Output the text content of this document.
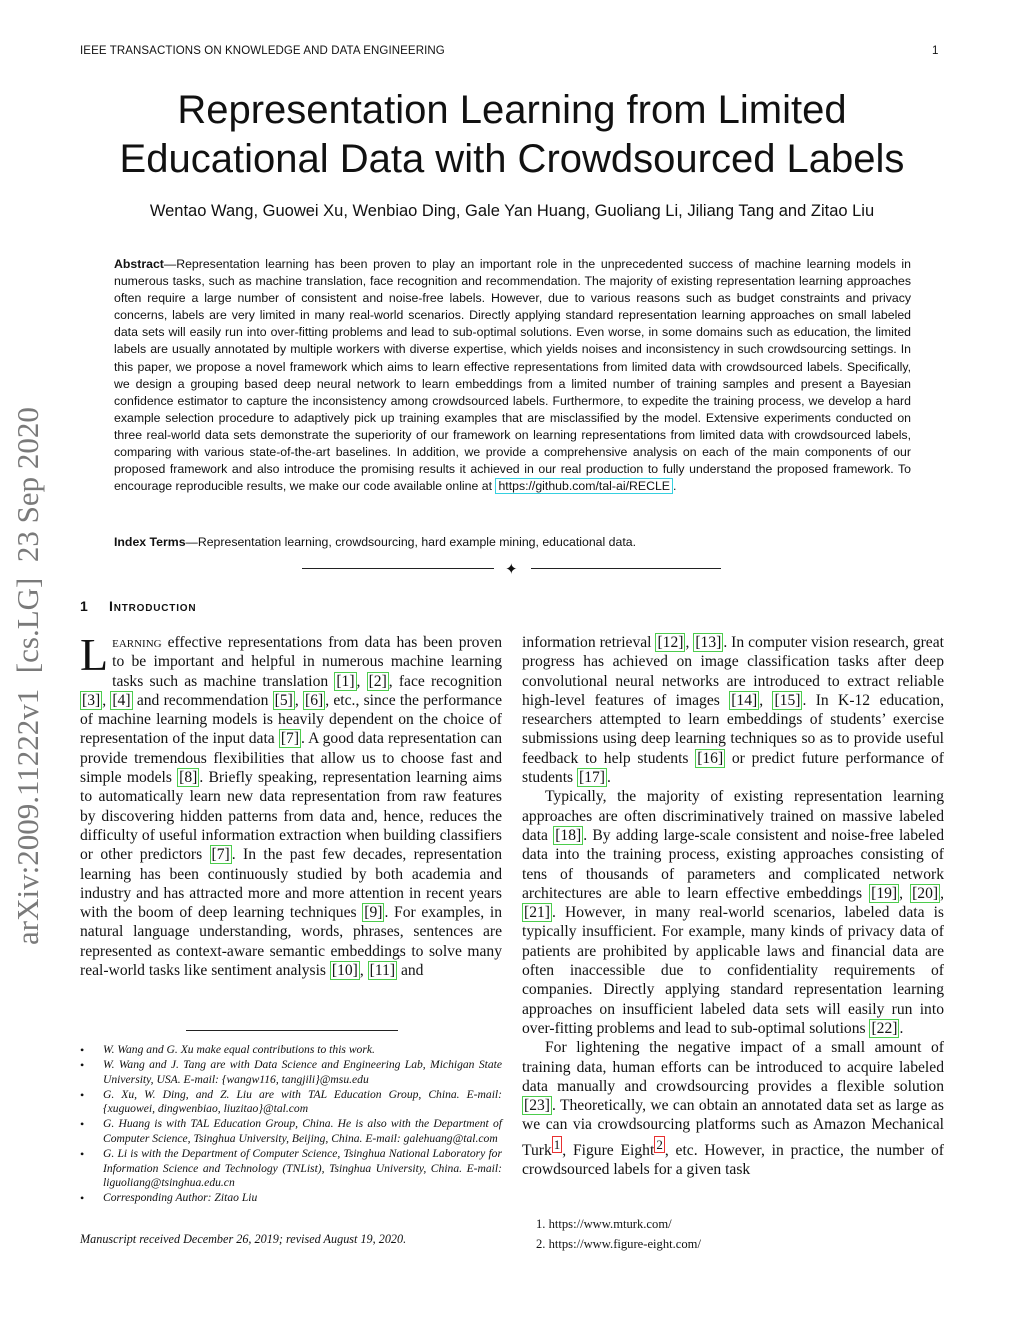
IEEE TRANSACTIONS ON KNOWLEDGE AND DATA ENGINEERING	1
Representation Learning from Limited
Educational Data with Crowdsourced Labels
Wentao Wang, Guowei Xu, Wenbiao Ding, Gale Yan Huang, Guoliang Li, Jiliang Tang and Zitao Liu
Abstract—Representation learning has been proven to play an important role in the unprecedented success of machine learning models in numerous tasks, such as machine translation, face recognition and recommendation. The majority of existing representation learning approaches often require a large number of consistent and noise-free labels. However, due to various reasons such as budget constraints and privacy concerns, labels are very limited in many real-world scenarios. Directly applying standard representation learning approaches on small labeled data sets will easily run into over-fitting problems and lead to sub-optimal solutions. Even worse, in some domains such as education, the limited labels are usually annotated by multiple workers with diverse expertise, which yields noises and inconsistency in such crowdsourcing settings. In this paper, we propose a novel framework which aims to learn effective representations from limited data with crowdsourced labels. Specifically, we design a grouping based deep neural network to learn embeddings from a limited number of training samples and present a Bayesian confidence estimator to capture the inconsistency among crowdsourced labels. Furthermore, to expedite the training process, we develop a hard example selection procedure to adaptively pick up training examples that are misclassified by the model. Extensive experiments conducted on three real-world data sets demonstrate the superiority of our framework on learning representations from limited data with crowdsourced labels, comparing with various state-of-the-art baselines. In addition, we provide a comprehensive analysis on each of the main components of our proposed framework and also introduce the promising results it achieved in our real production to fully understand the proposed framework. To encourage reproducible results, we make our code available online at https://github.com/tal-ai/RECLE .
Index Terms—Representation learning, crowdsourcing, hard example mining, educational data.
✦
1 Introduction

Learning effective representations from data has been proven to be important and helpful in numerous machine learning tasks such as machine translation [1] , [2] , face recognition [3] , [4] and recommendation [5] , [6] , etc., since the performance of machine learning models is heavily dependent on the choice of representation of the input data [7] . A good data representation can provide tremendous flexibilities that allow us to choose fast and simple models [8] . Briefly speaking, representation learning aims to automatically learn new data representation from raw features by discovering hidden patterns from data and, hence, reduces the difficulty of useful information extraction when building classifiers or other predictors [7] . In the past few decades, representation learning has been continuously studied by both academia and industry and has attracted more and more attention in recent years with the boom of deep learning techniques [9] . For examples, in natural language understanding, words, phrases, sentences are represented as context-aware semantic embeddings to solve many real-world tasks like sentiment analysis [10] , [11] and

information retrieval [12] , [13] . In computer vision research, great progress has achieved on image classification tasks after deep convolutional neural networks are introduced to extract reliable high-level features of images [14] , [15] . In K-12 education, researchers attempted to learn embeddings of students’ exercise submissions using deep learning techniques so as to provide useful feedback to help students [16] or predict future performance of students [17] .

Typically, the majority of existing representation learning approaches are often discriminatively trained on massive labeled data [18] . By adding large-scale consistent and noise-free labeled data into the training process, existing approaches consisting of tens of thousands of parameters and complicated network architectures are able to learn effective embeddings [19] , [20] , [21] . However, in many real-world scenarios, labeled data is typically insufficient. For example, many kinds of privacy data of patients are prohibited by applicable laws and financial data are often inaccessible due to confidentiality requirements of companies. Directly applying standard representation learning approaches on insufficient labeled data sets will easily run into over-fitting problems and lead to sub-optimal solutions [22] .

For lightening the negative impact of a small amount of training data, human efforts can be introduced to acquire labeled data manually and crowdsourcing provides a flexible solution [23] . Theoretically, we can obtain an annotated data set as large as we can via crowdsourcing platforms such as Amazon Mechanical Turk $^1$ , Figure Eight $^2$ , etc. However, in practice, the number of crowdsourced labels for a given task

• W. Wang and G. Xu make equal contributions to this work.
• W. Wang and J. Tang are with Data Science and Engineering Lab, Michigan State University, USA. E-mail: {wangw116, tangjili}@msu.edu
• G. Xu, W. Ding, and Z. Liu are with TAL Education Group, China. E-mail: {xuguowei, dingwenbiao, liuzitao}@tal.com
• G. Huang is with TAL Education Group, China. He is also with the Department of Computer Science, Tsinghua University, Beijing, China. E-mail: galehuang@tal.com
• G. Li is with the Department of Computer Science, Tsinghua National Laboratory for Information Science and Technology (TNList), Tsinghua University, China. E-mail: liguoliang@tsinghua.edu.cn
• Corresponding Author: Zitao Liu
Manuscript received December 26, 2019; revised August 19, 2020.
1. https://www.mturk.com/
2. https://www.figure-eight.com/
arXiv:2009.11222v1  [cs.LG]  23 Sep 2020
